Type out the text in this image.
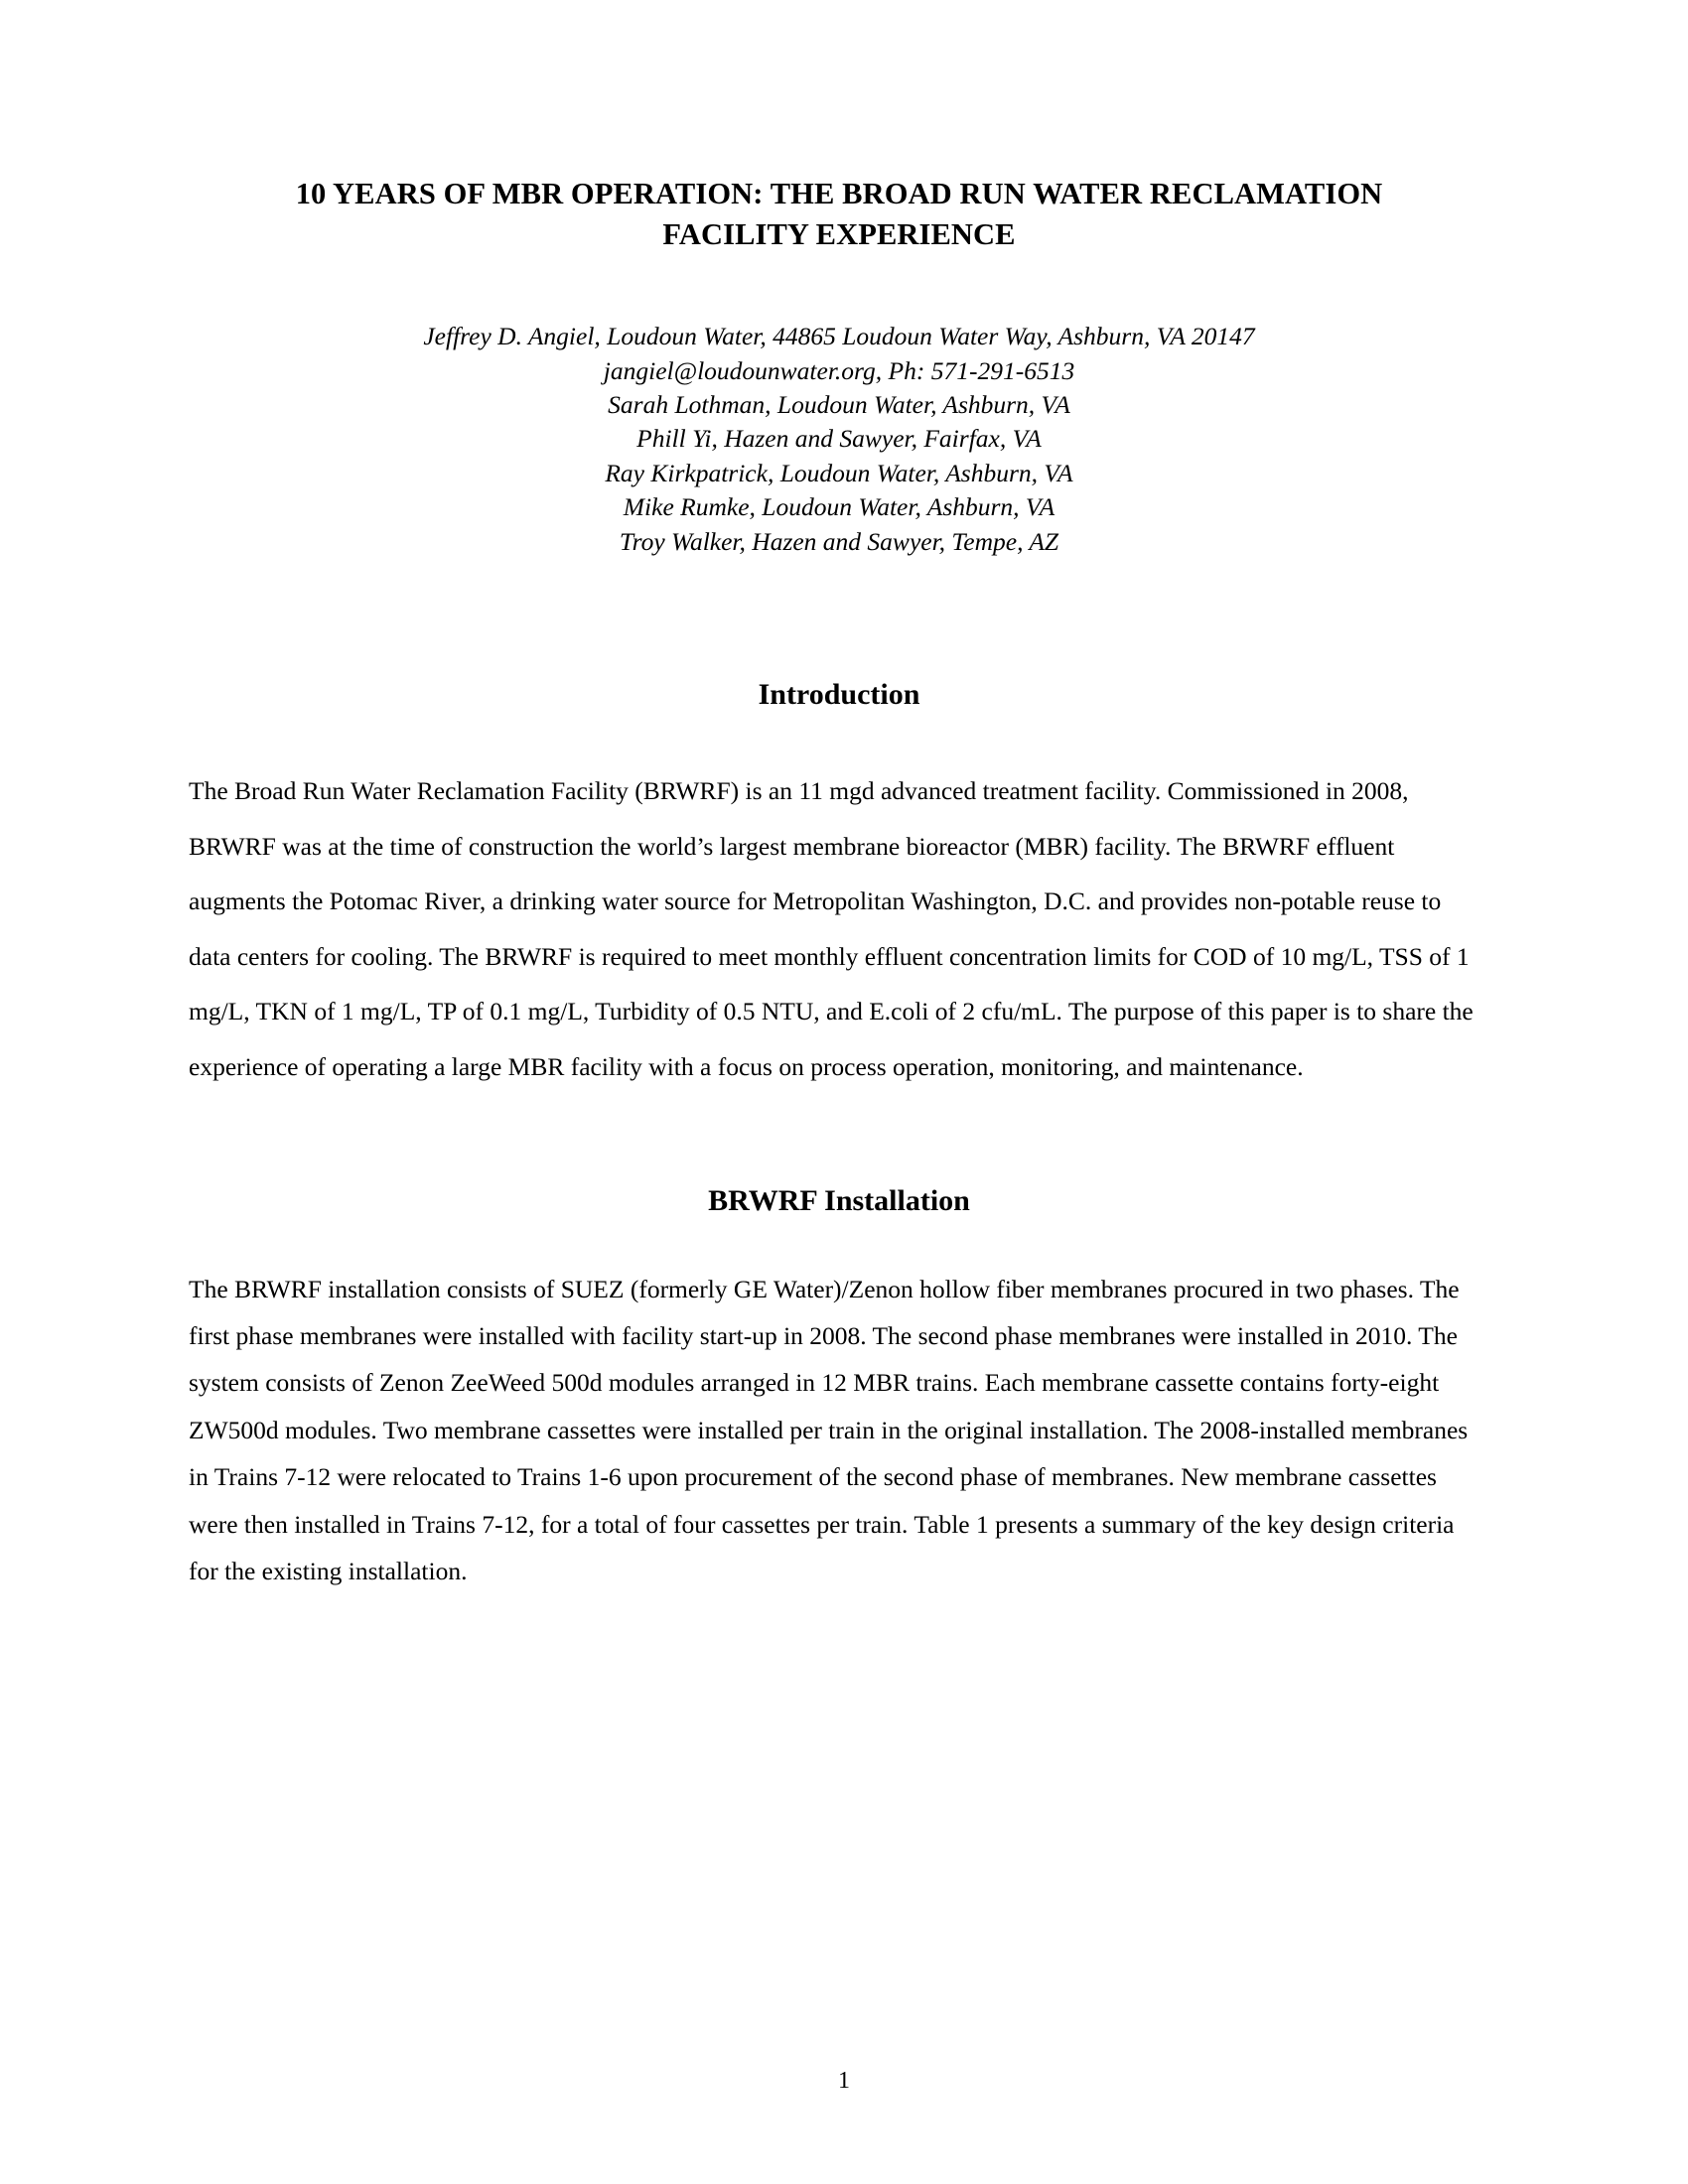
10 YEARS OF MBR OPERATION: THE BROAD RUN WATER RECLAMATION FACILITY EXPERIENCE
Jeffrey D. Angiel, Loudoun Water, 44865 Loudoun Water Way, Ashburn, VA 20147
jangiel@loudounwater.org, Ph: 571-291-6513
Sarah Lothman, Loudoun Water, Ashburn, VA
Phill Yi, Hazen and Sawyer, Fairfax, VA
Ray Kirkpatrick, Loudoun Water, Ashburn, VA
Mike Rumke, Loudoun Water, Ashburn, VA
Troy Walker, Hazen and Sawyer, Tempe, AZ
Introduction

The Broad Run Water Reclamation Facility (BRWRF) is an 11 mgd advanced treatment facility. Commissioned in 2008, BRWRF was at the time of construction the world’s largest membrane bioreactor (MBR) facility. The BRWRF effluent augments the Potomac River, a drinking water source for Metropolitan Washington, D.C. and provides non-potable reuse to data centers for cooling. The BRWRF is required to meet monthly effluent concentration limits for COD of 10 mg/L, TSS of 1 mg/L, TKN of 1 mg/L, TP of 0.1 mg/L, Turbidity of 0.5 NTU, and E.coli of 2 cfu/mL. The purpose of this paper is to share the experience of operating a large MBR facility with a focus on process operation, monitoring, and maintenance.

BRWRF Installation

The BRWRF installation consists of SUEZ (formerly GE Water)/Zenon hollow fiber membranes procured in two phases. The first phase membranes were installed with facility start-up in 2008. The second phase membranes were installed in 2010. The system consists of Zenon ZeeWeed 500d modules arranged in 12 MBR trains. Each membrane cassette contains forty-eight ZW500d modules. Two membrane cassettes were installed per train in the original installation. The 2008-installed membranes in Trains 7-12 were relocated to Trains 1-6 upon procurement of the second phase of membranes. New membrane cassettes were then installed in Trains 7-12, for a total of four cassettes per train. Table 1 presents a summary of the key design criteria for the existing installation.

1
